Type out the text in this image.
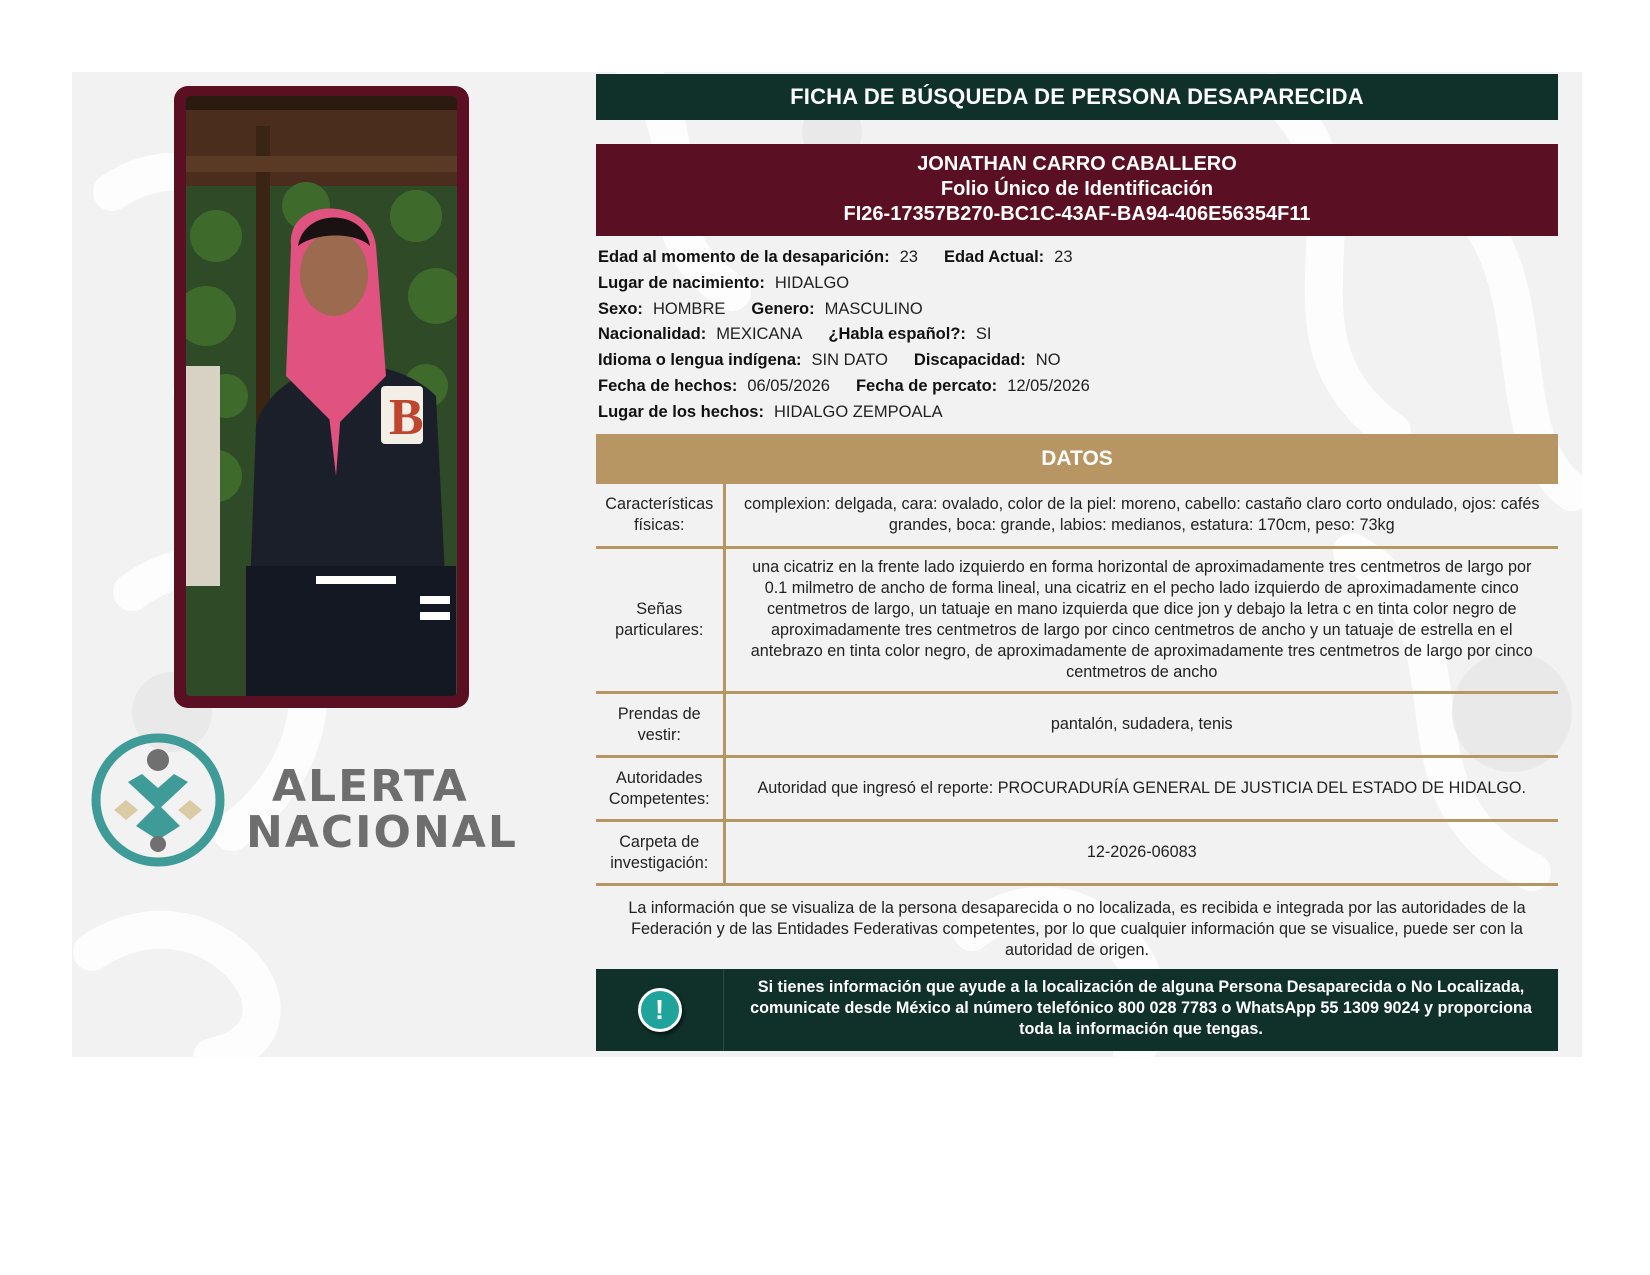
B
ALERTA
NACIONAL
FICHA DE BÚSQUEDA DE PERSONA DESAPARECIDA
JONATHAN CARRO CABALLERO
Folio Único de Identificación
FI26-17357B270-BC1C-43AF-BA94-406E56354F11
Edad al momento de la desaparición: 23 Edad Actual: 23
Lugar de nacimiento: HIDALGO
Sexo: HOMBRE Genero: MASCULINO
Nacionalidad: MEXICANA ¿Habla español?: SI
Idioma o lengua indígena: SIN DATO Discapacidad: NO
Fecha de hechos: 06/05/2026 Fecha de percato: 12/05/2026
Lugar de los hechos: HIDALGO ZEMPOALA
DATOS
Características físicas:	complexion: delgada, cara: ovalado, color de la piel: moreno, cabello: castaño claro corto ondulado, ojos: cafés grandes, boca: grande, labios: medianos, estatura: 170cm, peso: 73kg
Señas particulares:	una cicatriz en la frente lado izquierdo en forma horizontal de aproximadamente tres centmetros de largo por 0.1 milmetro de ancho de forma lineal, una cicatriz en el pecho lado izquierdo de aproximadamente cinco centmetros de largo, un tatuaje en mano izquierda que dice jon y debajo la letra c en tinta color negro de aproximadamente tres centmetros de largo por cinco centmetros de ancho y un tatuaje de estrella en el antebrazo en tinta color negro, de aproximadamente de aproximadamente tres centmetros de largo por cinco centmetros de ancho
Prendas de vestir:	pantalón, sudadera, tenis
Autoridades Competentes:	Autoridad que ingresó el reporte: PROCURADURÍA GENERAL DE JUSTICIA DEL ESTADO DE HIDALGO.
Carpeta de investigación:	12-2026-06083
La información que se visualiza de la persona desaparecida o no localizada, es recibida e integrada por las autoridades de la Federación y de las Entidades Federativas competentes, por lo que cualquier información que se visualice, puede ser con la autoridad de origen.
!
Si tienes información que ayude a la localización de alguna Persona Desaparecida o No Localizada, comunicate desde México al número telefónico 800 028 7783 o WhatsApp 55 1309 9024 y proporciona toda la información que tengas.
